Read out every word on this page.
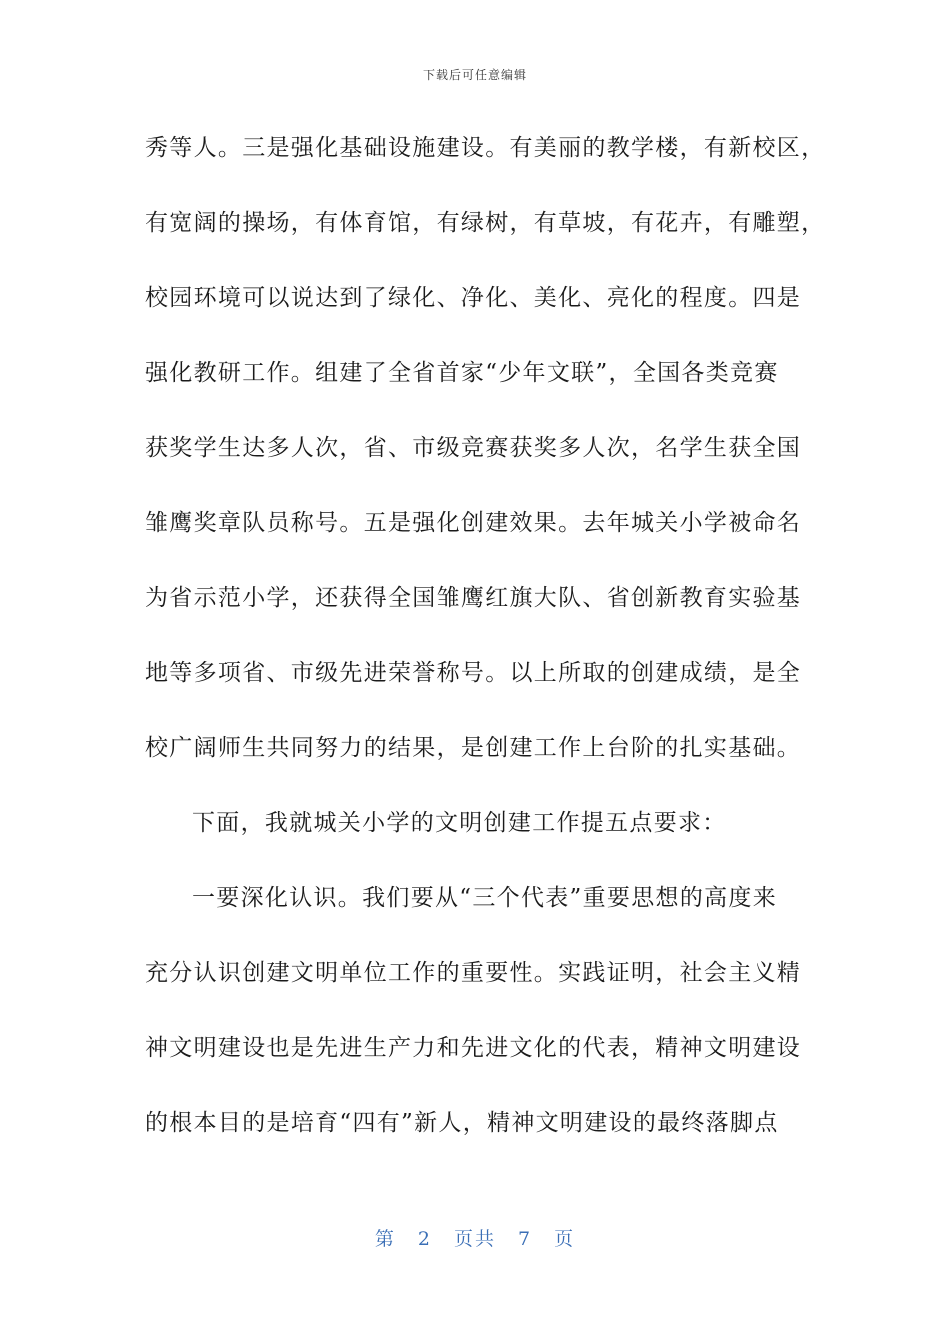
下载后可任意编辑
秀等人。三是强化基础设施建设。有美丽的教学楼，有新校区，
有宽阔的操场，有体育馆，有绿树，有草坡，有花卉，有雕塑，
校园环境可以说达到了绿化、净化、美化、亮化的程度。四是
强化教研工作。组建了全省首家“少年文联”，全国各类竞赛
获奖学生达多人次，省、市级竞赛获奖多人次，名学生获全国
雏鹰奖章队员称号。五是强化创建效果。去年城关小学被命名
为省示范小学，还获得全国雏鹰红旗大队、省创新教育实验基
地等多项省、市级先进荣誉称号。以上所取的创建成绩，是全
校广阔师生共同努力的结果，是创建工作上台阶的扎实基础。
下面，我就城关小学的文明创建工作提五点要求：
一要深化认识。我们要从“三个代表”重要思想的高度来
充分认识创建文明单位工作的重要性。实践证明，社会主义精
神文明建设也是先进生产力和先进文化的代表，精神文明建设
的根本目的是培育“四有”新人，精神文明建设的最终落脚点
第 2 页共 7 页
